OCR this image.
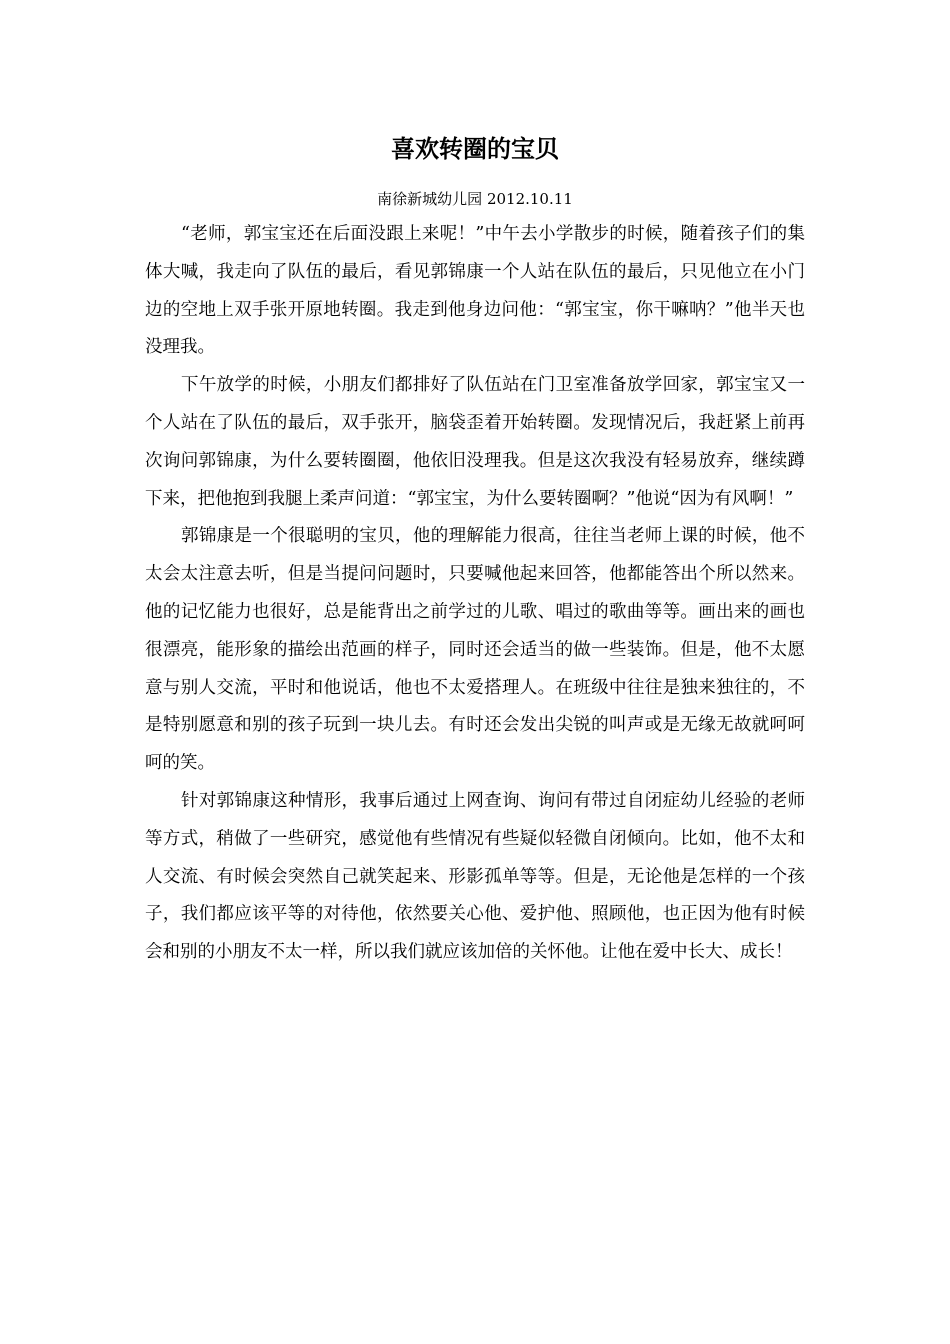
喜欢转圈的宝贝
南徐新城幼儿园 2012.10.11

“老师，郭宝宝还在后面没跟上来呢！”中午去小学散步的时候，随着孩子们的集体大喊，我走向了队伍的最后，看见郭锦康一个人站在队伍的最后，只见他立在小门边的空地上双手张开原地转圈。我走到他身边问他：“郭宝宝，你干嘛呐？”他半天也没理我。

下午放学的时候，小朋友们都排好了队伍站在门卫室准备放学回家，郭宝宝又一个人站在了队伍的最后，双手张开，脑袋歪着开始转圈。发现情况后，我赶紧上前再次询问郭锦康，为什么要转圈圈，他依旧没理我。但是这次我没有轻易放弃，继续蹲下来，把他抱到我腿上柔声问道：“郭宝宝，为什么要转圈啊？”他说“因为有风啊！”

郭锦康是一个很聪明的宝贝，他的理解能力很高，往往当老师上课的时候，他不太会太注意去听，但是当提问问题时，只要喊他起来回答，他都能答出个所以然来。他的记忆能力也很好，总是能背出之前学过的儿歌、唱过的歌曲等等。画出来的画也很漂亮，能形象的描绘出范画的样子，同时还会适当的做一些装饰。但是，他不太愿意与别人交流，平时和他说话，他也不太爱搭理人。在班级中往往是独来独往的，不是特别愿意和别的孩子玩到一块儿去。有时还会发出尖锐的叫声或是无缘无故就呵呵呵的笑。

针对郭锦康这种情形，我事后通过上网查询、询问有带过自闭症幼儿经验的老师等方式，稍做了一些研究，感觉他有些情况有些疑似轻微自闭倾向。比如，他不太和人交流、有时候会突然自己就笑起来、形影孤单等等。但是，无论他是怎样的一个孩子，我们都应该平等的对待他，依然要关心他、爱护他、照顾他，也正因为他有时候会和别的小朋友不太一样，所以我们就应该加倍的关怀他。让他在爱中长大、成长！
